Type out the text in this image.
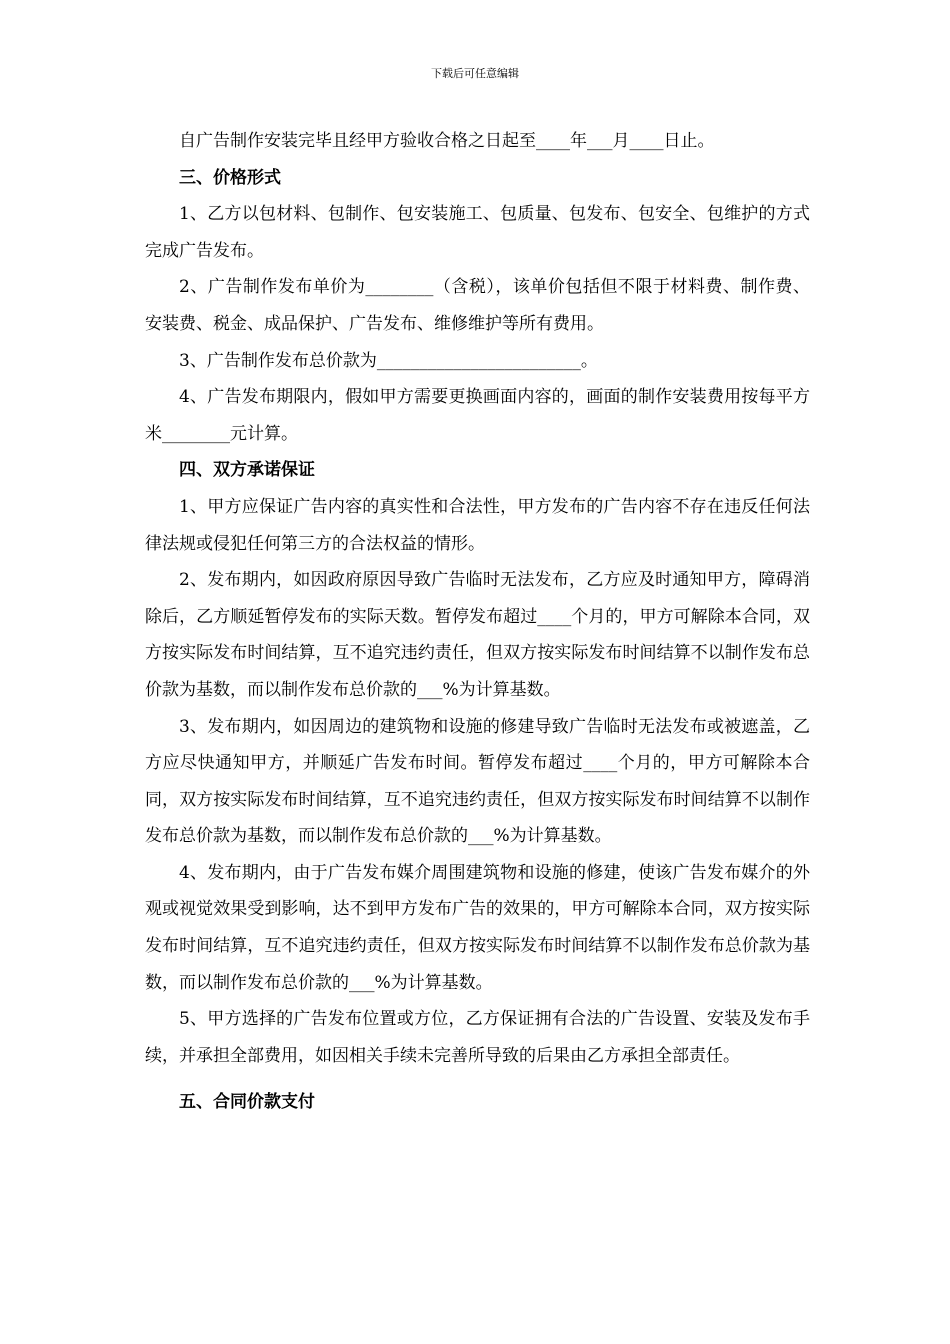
下载后可任意编辑

自广告制作安装完毕且经甲方验收合格之日起至____年___月____日止。

三、价格形式

1、乙方以包材料、包制作、包安装施工、包质量、包发布、包安全、包维护的方式完成广告发布。

2、广告制作发布单价为________（含税），该单价包括但不限于材料费、制作费、安装费、税金、成品保护、广告发布、维修维护等所有费用。

3、广告制作发布总价款为________________________。

4、广告发布期限内，假如甲方需要更换画面内容的，画面的制作安装费用按每平方米________元计算。

四、双方承诺保证

1、甲方应保证广告内容的真实性和合法性，甲方发布的广告内容不存在违反任何法律法规或侵犯任何第三方的合法权益的情形。

2、发布期内，如因政府原因导致广告临时无法发布，乙方应及时通知甲方，障碍消除后，乙方顺延暂停发布的实际天数。暂停发布超过____个月的，甲方可解除本合同，双方按实际发布时间结算，互不追究违约责任，但双方按实际发布时间结算不以制作发布总价款为基数，而以制作发布总价款的___%为计算基数。

3、发布期内，如因周边的建筑物和设施的修建导致广告临时无法发布或被遮盖，乙方应尽快通知甲方，并顺延广告发布时间。暂停发布超过____个月的，甲方可解除本合同，双方按实际发布时间结算，互不追究违约责任，但双方按实际发布时间结算不以制作发布总价款为基数，而以制作发布总价款的___%为计算基数。

4、发布期内，由于广告发布媒介周围建筑物和设施的修建，使该广告发布媒介的外观或视觉效果受到影响，达不到甲方发布广告的效果的，甲方可解除本合同，双方按实际发布时间结算，互不追究违约责任，但双方按实际发布时间结算不以制作发布总价款为基数，而以制作发布总价款的___%为计算基数。

5、甲方选择的广告发布位置或方位，乙方保证拥有合法的广告设置、安装及发布手续，并承担全部费用，如因相关手续未完善所导致的后果由乙方承担全部责任。

五、合同价款支付
